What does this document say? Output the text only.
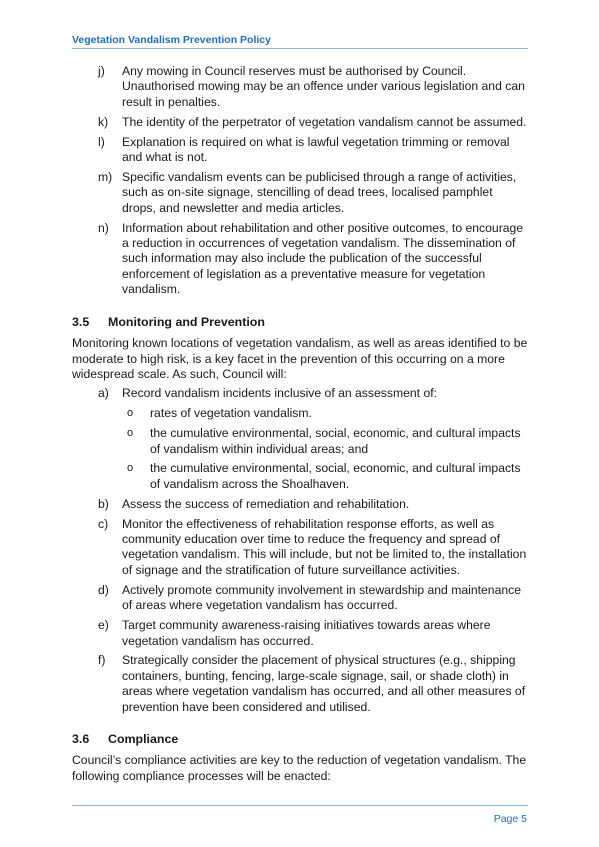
Vegetation Vandalism Prevention Policy
j) Any mowing in Council reserves must be authorised by Council. Unauthorised mowing may be an offence under various legislation and can result in penalties.
k) The identity of the perpetrator of vegetation vandalism cannot be assumed.
l) Explanation is required on what is lawful vegetation trimming or removal and what is not.
m) Specific vandalism events can be publicised through a range of activities, such as on-site signage, stencilling of dead trees, localised pamphlet drops, and newsletter and media articles.
n) Information about rehabilitation and other positive outcomes, to encourage a reduction in occurrences of vegetation vandalism. The dissemination of such information may also include the publication of the successful enforcement of legislation as a preventative measure for vegetation vandalism.
3.5 Monitoring and Prevention
Monitoring known locations of vegetation vandalism, as well as areas identified to be moderate to high risk, is a key facet in the prevention of this occurring on a more widespread scale. As such, Council will:
a) Record vandalism incidents inclusive of an assessment of:
o rates of vegetation vandalism.
o the cumulative environmental, social, economic, and cultural impacts of vandalism within individual areas; and
o the cumulative environmental, social, economic, and cultural impacts of vandalism across the Shoalhaven.
b) Assess the success of remediation and rehabilitation.
c) Monitor the effectiveness of rehabilitation response efforts, as well as community education over time to reduce the frequency and spread of vegetation vandalism. This will include, but not be limited to, the installation of signage and the stratification of future surveillance activities.
d) Actively promote community involvement in stewardship and maintenance of areas where vegetation vandalism has occurred.
e) Target community awareness-raising initiatives towards areas where vegetation vandalism has occurred.
f) Strategically consider the placement of physical structures (e.g., shipping containers, bunting, fencing, large-scale signage, sail, or shade cloth) in areas where vegetation vandalism has occurred, and all other measures of prevention have been considered and utilised.
3.6 Compliance
Council’s compliance activities are key to the reduction of vegetation vandalism. The following compliance processes will be enacted:
Page 5
